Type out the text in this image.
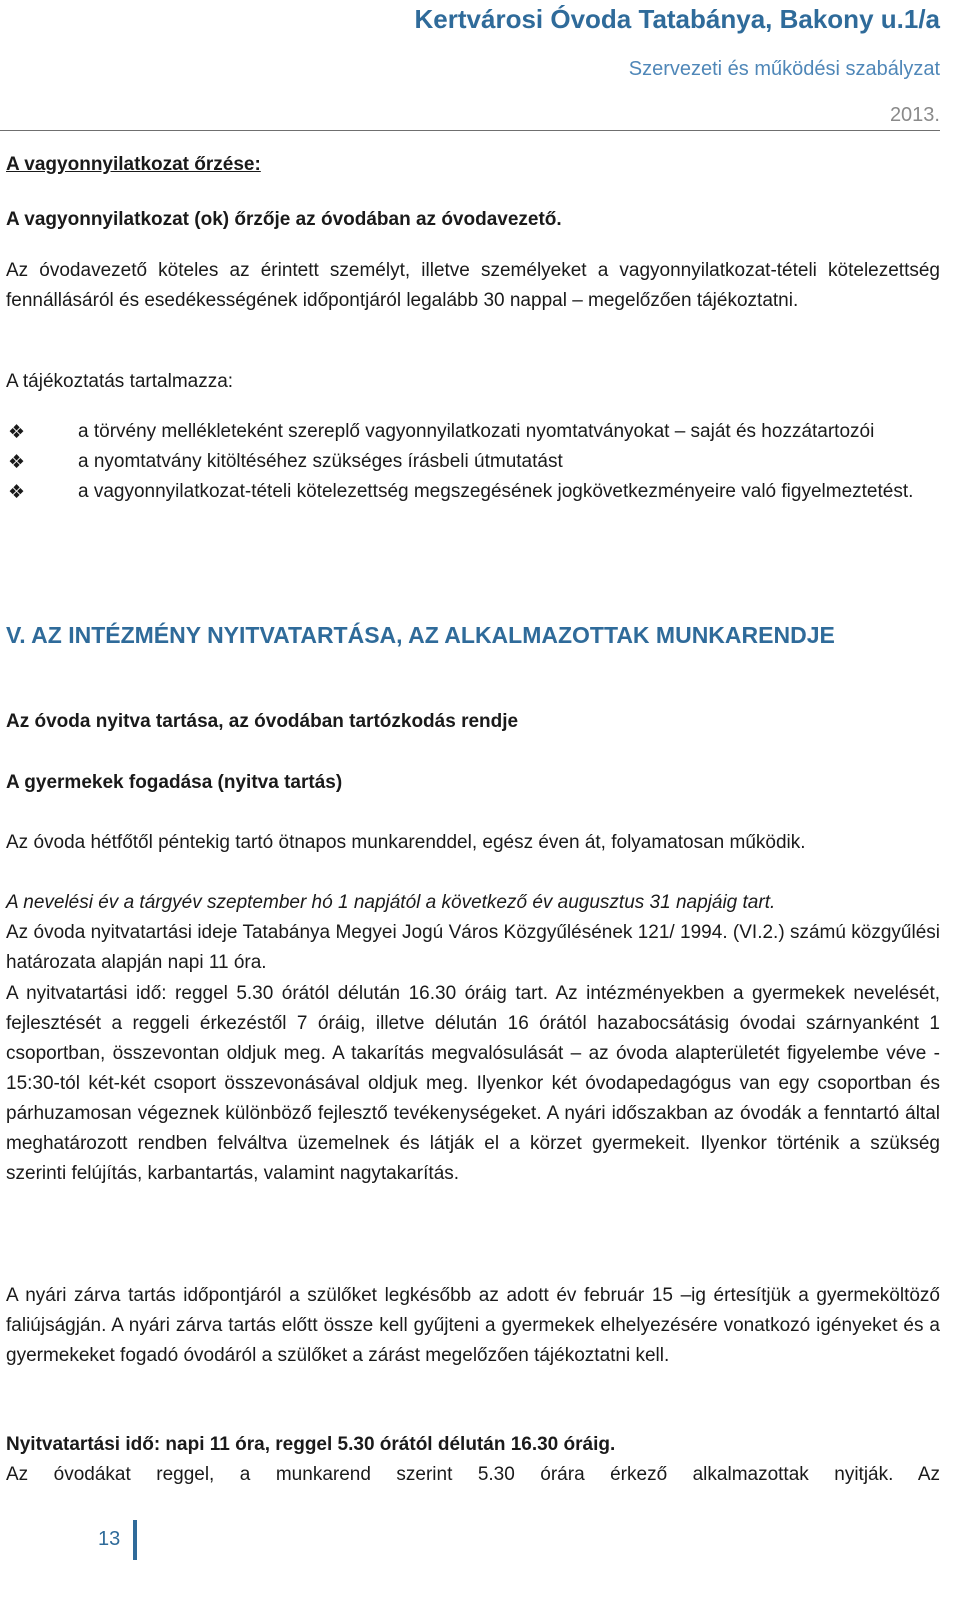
Kertvárosi Óvoda Tatabánya, Bakony u.1/a
Szervezeti és működési szabályzat
2013.

A vagyonnyilatkozat őrzése:

A vagyonnyilatkozat (ok) őrzője az óvodában az óvodavezető.

Az óvodavezető köteles az érintett személyt, illetve személyeket a vagyonnyilatkozat-tételi kötelezettség fennállásáról és esedékességének időpontjáról legalább 30 nappal – megelőzően tájékoztatni.

A tájékoztatás tartalmazza:

❖	a törvény mellékleteként szereplő vagyonnyilatkozati nyomtatványokat – saját és hozzátartozói
❖	a nyomtatvány kitöltéséhez szükséges írásbeli útmutatást
❖	a vagyonnyilatkozat-tételi kötelezettség megszegésének jogkövetkezményeire való figyelmeztetést.

V. AZ INTÉZMÉNY NYITVATARTÁSA, AZ ALKALMAZOTTAK MUNKARENDJE

Az óvoda nyitva tartása, az óvodában tartózkodás rendje

A gyermekek fogadása (nyitva tartás)

Az óvoda hétfőtől péntekig tartó ötnapos munkarenddel, egész éven át, folyamatosan működik.

A nevelési év a tárgyév szeptember hó 1 napjától a következő év augusztus 31 napjáig tart.

Az óvoda nyitvatartási ideje Tatabánya Megyei Jogú Város Közgyűlésének 121/ 1994. (VI.2.) számú közgyűlési határozata alapján napi 11 óra.

A nyitvatartási idő: reggel 5.30 órától délután 16.30 óráig tart. Az intézményekben a gyermekek nevelését, fejlesztését a reggeli érkezéstől 7 óráig, illetve délután 16 órától hazabocsátásig óvodai szárnyanként 1 csoportban, összevontan oldjuk meg. A takarítás megvalósulását – az óvoda alapterületét figyelembe véve - 15:30-tól két-két csoport összevonásával oldjuk meg. Ilyenkor két óvodapedagógus van egy csoportban és párhuzamosan végeznek különböző fejlesztő tevékenységeket. A nyári időszakban az óvodák a fenntartó által meghatározott rendben felváltva üzemelnek és látják el a körzet gyermekeit. Ilyenkor történik a szükség szerinti felújítás, karbantartás, valamint nagytakarítás.

A nyári zárva tartás időpontjáról a szülőket legkésőbb az adott év február 15 –ig értesítjük a gyermeköltöző faliújságján. A nyári zárva tartás előtt össze kell gyűjteni a gyermekek elhelyezésére vonatkozó igényeket és a gyermekeket fogadó óvodáról a szülőket a zárást megelőzően tájékoztatni kell.

Nyitvatartási idő: napi 11 óra, reggel 5.30 órától délután 16.30 óráig.

Az óvodákat reggel, a munkarend szerint 5.30 órára érkező alkalmazottak nyitják. Az

13
